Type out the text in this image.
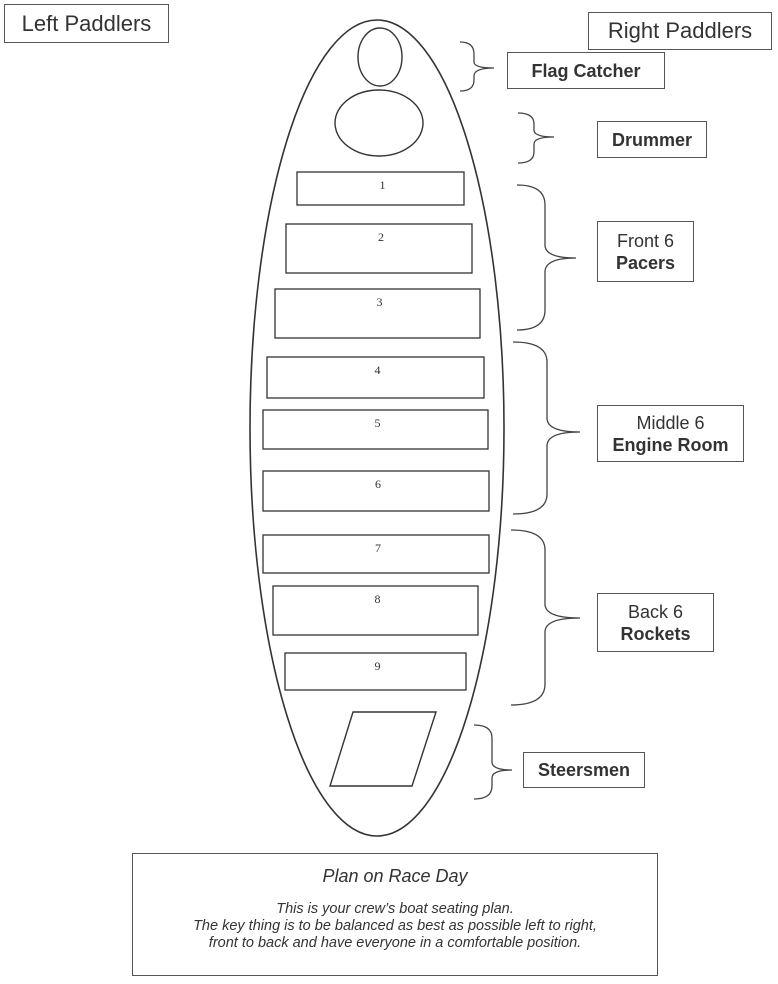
Left Paddlers	Right Paddlers
1
2
3
4
5
6
7
8
9
Flag Catcher
Drummer
Front 6
Pacers
Middle 6
Engine Room
Back 6
Rockets
Steersmen
Plan on Race Day
This is your crew’s boat seating plan.
The key thing is to be balanced as best as possible left to right,
front to back and have everyone in a comfortable position.
